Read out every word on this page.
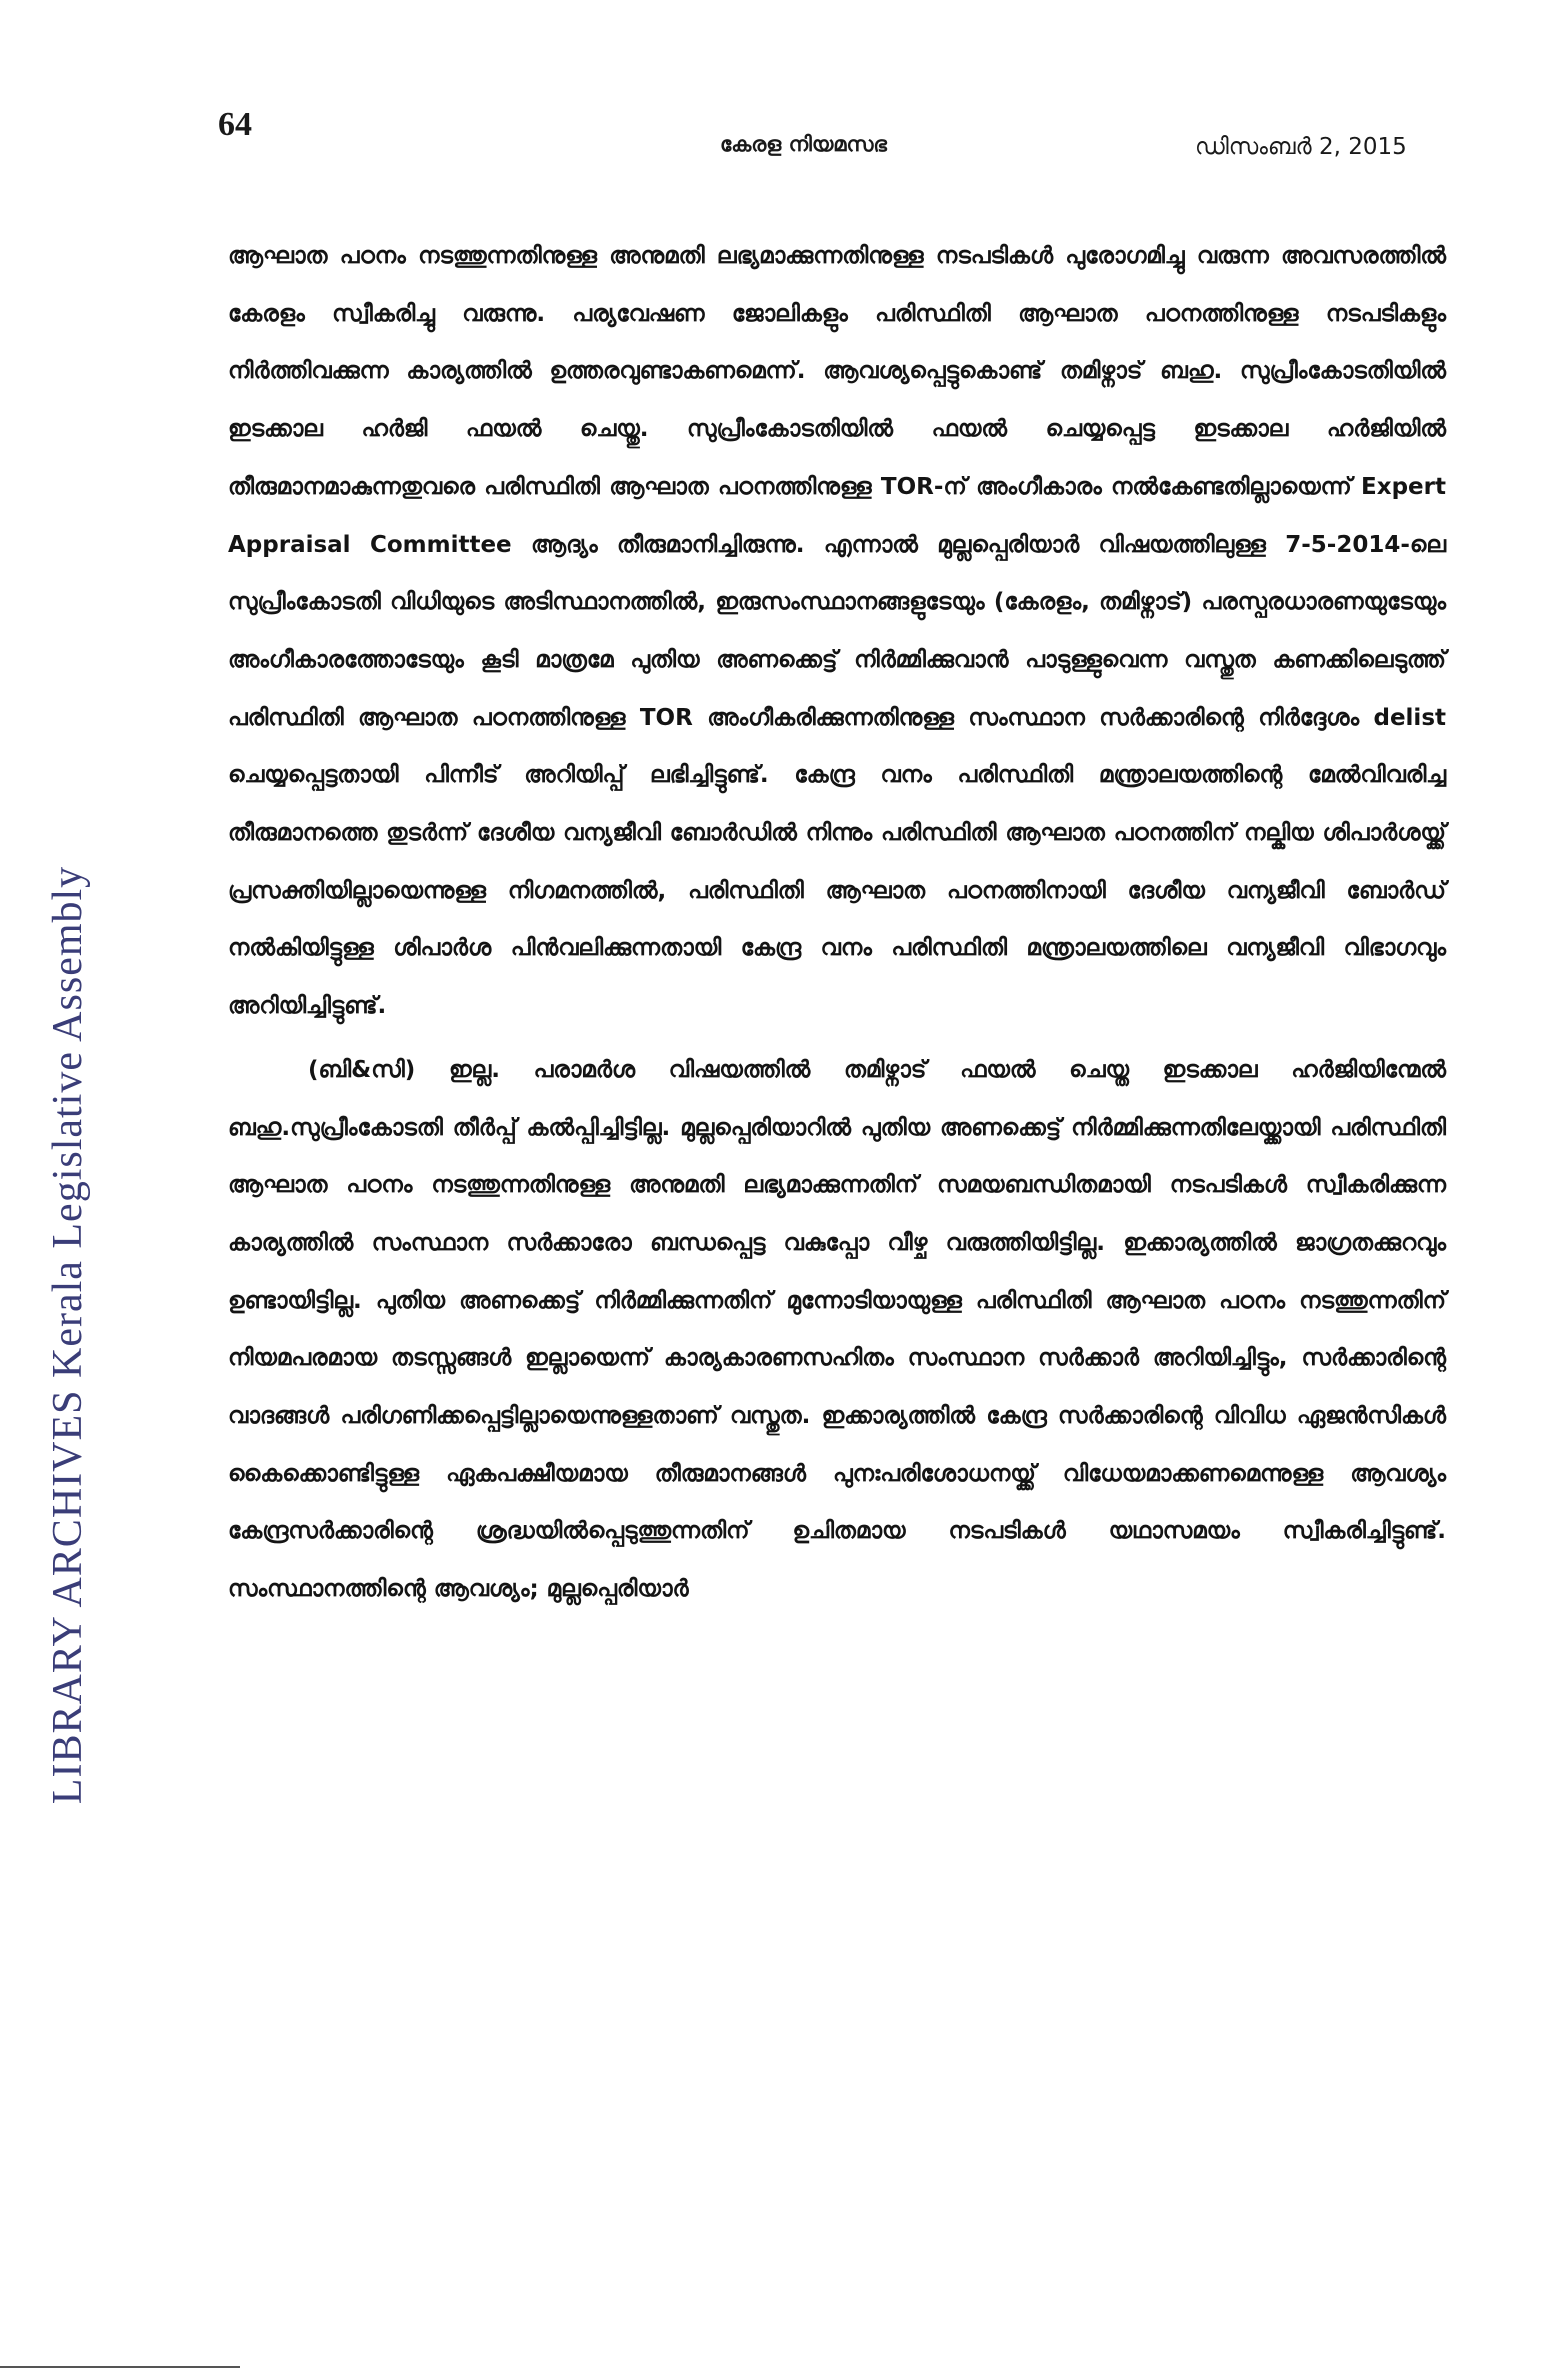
64
കേരള നിയമസഭ	ഡിസംബർ 2, 2015
LIBRARY ARCHIVES Kerala Legislative Assembly

ആഘാത പഠനം നടത്തുന്നതിനുള്ള അനുമതി ലഭ്യമാക്കുന്നതിനുള്ള നടപടികൾ പുരോഗമിച്ചു വരുന്ന അവസരത്തിൽ കേരളം സ്വീകരിച്ചു വരുന്നു. പര്യവേഷണ ജോലികളും പരിസ്ഥിതി ആഘാത പഠനത്തിനുള്ള നടപടികളും നിർത്തിവക്കുന്ന കാര്യത്തിൽ ഉത്തരവുണ്ടാകണമെന്ന്. ആവശ്യപ്പെട്ടുകൊണ്ട് തമിഴ്നാട് ബഹു. സുപ്രീംകോടതിയിൽ ഇടക്കാല ഹർജി ഫയൽ ചെയ്തു. സുപ്രീംകോടതിയിൽ ഫയൽ ചെയ്യപ്പെട്ട ഇടക്കാല ഹർജിയിൽ തീരുമാനമാകുന്നതുവരെ പരിസ്ഥിതി ആഘാത പഠനത്തിനുള്ള TOR-ന് അംഗീകാരം നൽകേണ്ടതില്ലായെന്ന് Expert Appraisal Committee ആദ്യം തീരുമാനിച്ചിരുന്നു. എന്നാൽ മുല്ലപ്പെരിയാർ വിഷയത്തിലുള്ള 7-5-2014-ലെ സുപ്രീംകോടതി വിധിയുടെ അടിസ്ഥാനത്തിൽ, ഇരുസംസ്ഥാനങ്ങളുടേയും (കേരളം, തമിഴ്നാട്) പരസ്പരധാരണയുടേയും അംഗീകാരത്തോടേയും കൂടി മാത്രമേ പുതിയ അണക്കെട്ട് നിർമ്മിക്കുവാൻ പാടുള്ളുവെന്ന വസ്തുത കണക്കിലെടുത്ത് പരിസ്ഥിതി ആഘാത പഠനത്തിനുള്ള TOR അംഗീകരിക്കുന്നതിനുള്ള സംസ്ഥാന സർക്കാരിന്റെ നിർദ്ദേശം delist ചെയ്യപ്പെട്ടതായി പിന്നീട് അറിയിപ്പ് ലഭിച്ചിട്ടുണ്ട്. കേന്ദ്ര വനം പരിസ്ഥിതി മന്ത്രാലയത്തിന്റെ മേൽവിവരിച്ച തീരുമാനത്തെ തുടർന്ന് ദേശീയ വന്യജീവി ബോർഡിൽ നിന്നും പരിസ്ഥിതി ആഘാത പഠനത്തിന് നല്കിയ ശിപാർശയ്ക്ക് പ്രസക്തിയില്ലായെന്നുള്ള നിഗമനത്തിൽ, പരിസ്ഥിതി ആഘാത പഠനത്തിനായി ദേശീയ വന്യജീവി ബോർഡ് നൽകിയിട്ടുള്ള ശിപാർശ പിൻവലിക്കുന്നതായി കേന്ദ്ര വനം പരിസ്ഥിതി മന്ത്രാലയത്തിലെ വന്യജീവി വിഭാഗവും അറിയിച്ചിട്ടുണ്ട്.

(ബി&സി) ഇല്ല. പരാമർശ വിഷയത്തിൽ തമിഴ്നാട് ഫയൽ ചെയ്ത ഇടക്കാല ഹർജിയിന്മേൽ ബഹു.സുപ്രീംകോടതി തീർപ്പ് കൽപ്പിച്ചിട്ടില്ല. മുല്ലപ്പെരിയാറിൽ പുതിയ അണക്കെട്ട് നിർമ്മിക്കുന്നതിലേയ്ക്കായി പരിസ്ഥിതി ആഘാത പഠനം നടത്തുന്നതിനുള്ള അനുമതി ലഭ്യമാക്കുന്നതിന് സമയബന്ധിതമായി നടപടികൾ സ്വീകരിക്കുന്ന കാര്യത്തിൽ സംസ്ഥാന സർക്കാരോ ബന്ധപ്പെട്ട വകുപ്പോ വീഴ്ച വരുത്തിയിട്ടില്ല. ഇക്കാര്യത്തിൽ ജാഗ്രതക്കുറവും ഉണ്ടായിട്ടില്ല. പുതിയ അണക്കെട്ട് നിർമ്മിക്കുന്നതിന് മുന്നോടിയായുള്ള പരിസ്ഥിതി ആഘാത പഠനം നടത്തുന്നതിന് നിയമപരമായ തടസ്സങ്ങൾ ഇല്ലായെന്ന് കാര്യകാരണസഹിതം സംസ്ഥാന സർക്കാർ അറിയിച്ചിട്ടും, സർക്കാരിന്റെ വാദങ്ങൾ പരിഗണിക്കപ്പെട്ടില്ലായെന്നുള്ളതാണ് വസ്തുത. ഇക്കാര്യത്തിൽ കേന്ദ്ര സർക്കാരിന്റെ വിവിധ ഏജൻസികൾ കൈക്കൊണ്ടിട്ടുള്ള ഏകപക്ഷീയമായ തീരുമാനങ്ങൾ പുനഃപരിശോധനയ്ക്ക് വിധേയമാക്കണമെന്നുള്ള ആവശ്യം കേന്ദ്രസർക്കാരിന്റെ ശ്രദ്ധയിൽപ്പെടുത്തുന്നതിന് ഉചിതമായ നടപടികൾ യഥാസമയം സ്വീകരിച്ചിട്ടുണ്ട്. സംസ്ഥാനത്തിന്റെ ആവശ്യം; മുല്ലപ്പെരിയാർ
